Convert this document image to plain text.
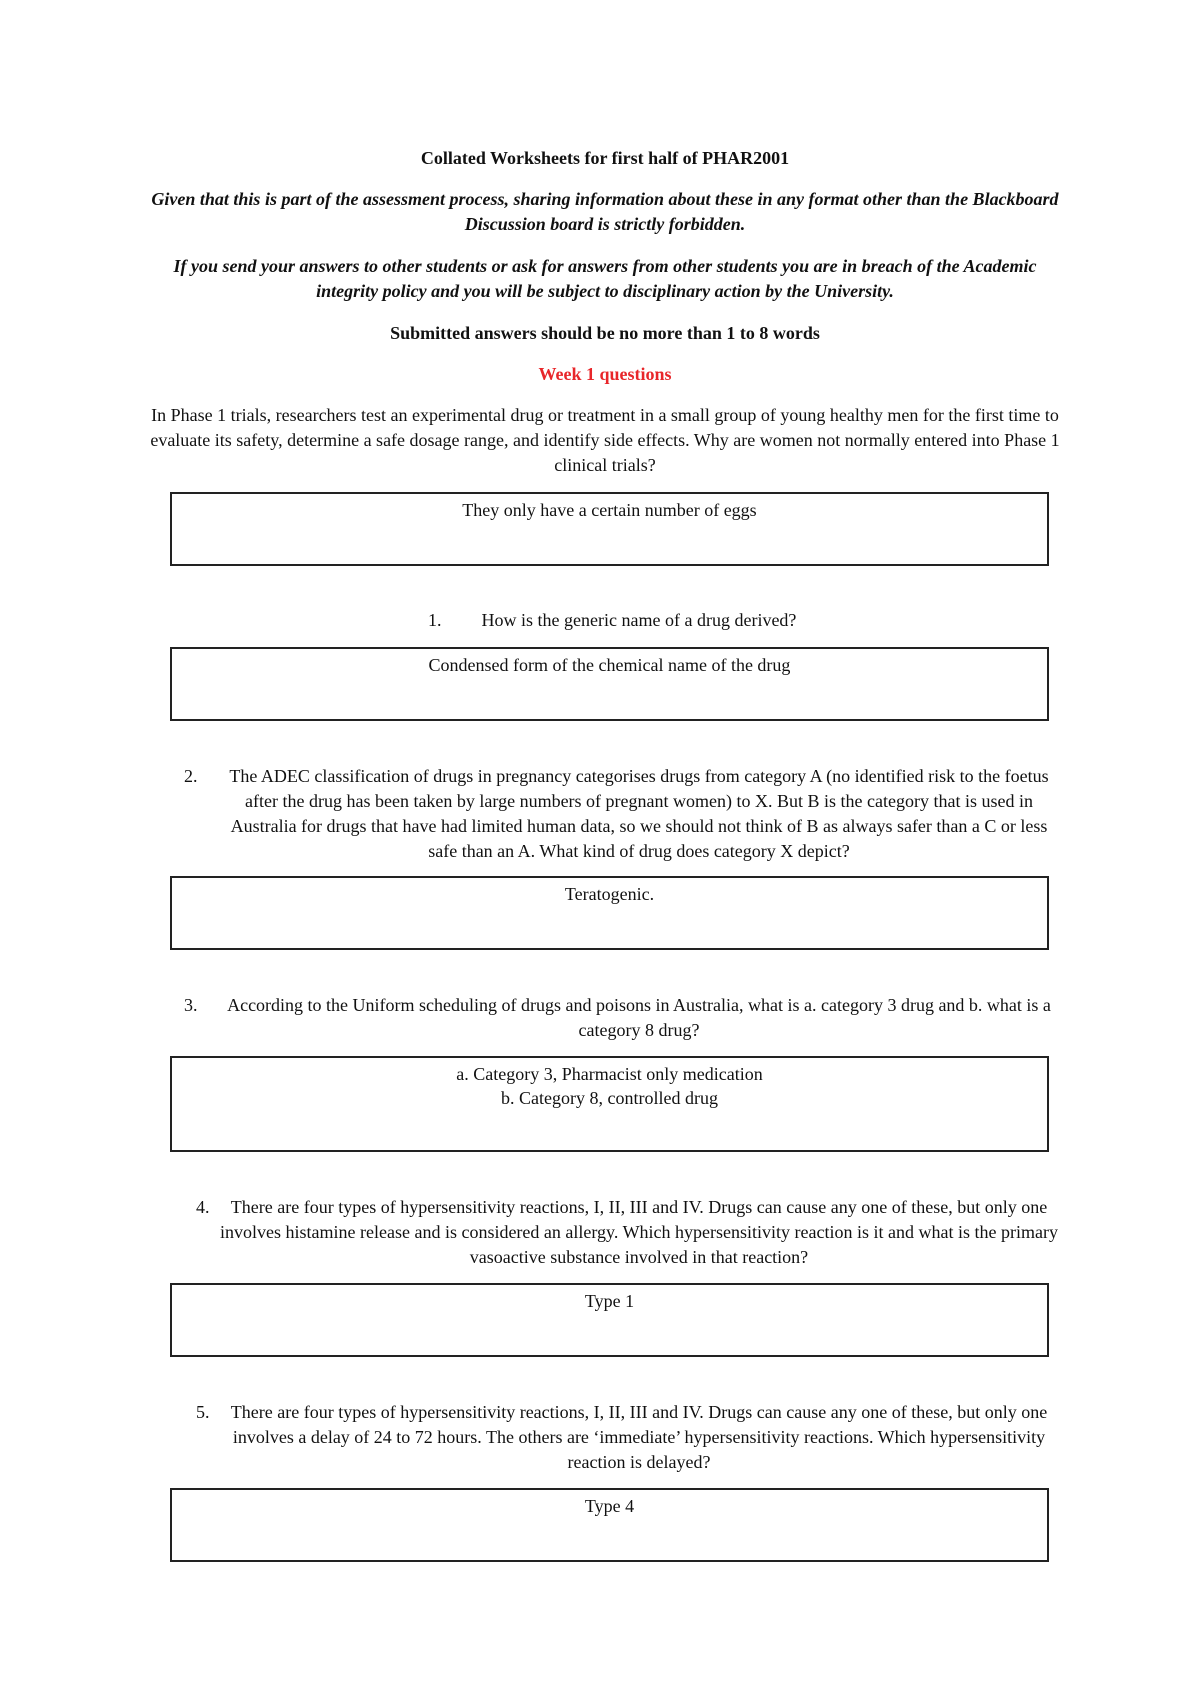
Collated Worksheets for first half of PHAR2001
Given that this is part of the assessment process, sharing information about these in any format other than the Blackboard Discussion board is strictly forbidden.
If you send your answers to other students or ask for answers from other students you are in breach of the Academic integrity policy and you will be subject to disciplinary action by the University.
Submitted answers should be no more than 1 to 8 words
Week 1 questions
In Phase 1 trials, researchers test an experimental drug or treatment in a small group of young healthy men for the first time to evaluate its safety, determine a safe dosage range, and identify side effects. Why are women not normally entered into Phase 1 clinical trials?
They only have a certain number of eggs
1.	How is the generic name of a drug derived?
Condensed form of the chemical name of the drug
2.	The ADEC classification of drugs in pregnancy categorises drugs from category A (no identified risk to the foetus after the drug has been taken by large numbers of pregnant women) to X. But B is the category that is used in Australia for drugs that have had limited human data, so we should not think of B as always safer than a C or less safe than an A. What kind of drug does category X depict?
Teratogenic.
3.	According to the Uniform scheduling of drugs and poisons in Australia, what is a. category 3 drug and b. what is a category 8 drug?
a. Category 3, Pharmacist only medication
b. Category 8, controlled drug
4.	There are four types of hypersensitivity reactions, I, II, III and IV. Drugs can cause any one of these, but only one involves histamine release and is considered an allergy. Which hypersensitivity reaction is it and what is the primary vasoactive substance involved in that reaction?
Type 1
5.	There are four types of hypersensitivity reactions, I, II, III and IV. Drugs can cause any one of these, but only one involves a delay of 24 to 72 hours. The others are ‘immediate’ hypersensitivity reactions. Which hypersensitivity reaction is delayed?
Type 4
